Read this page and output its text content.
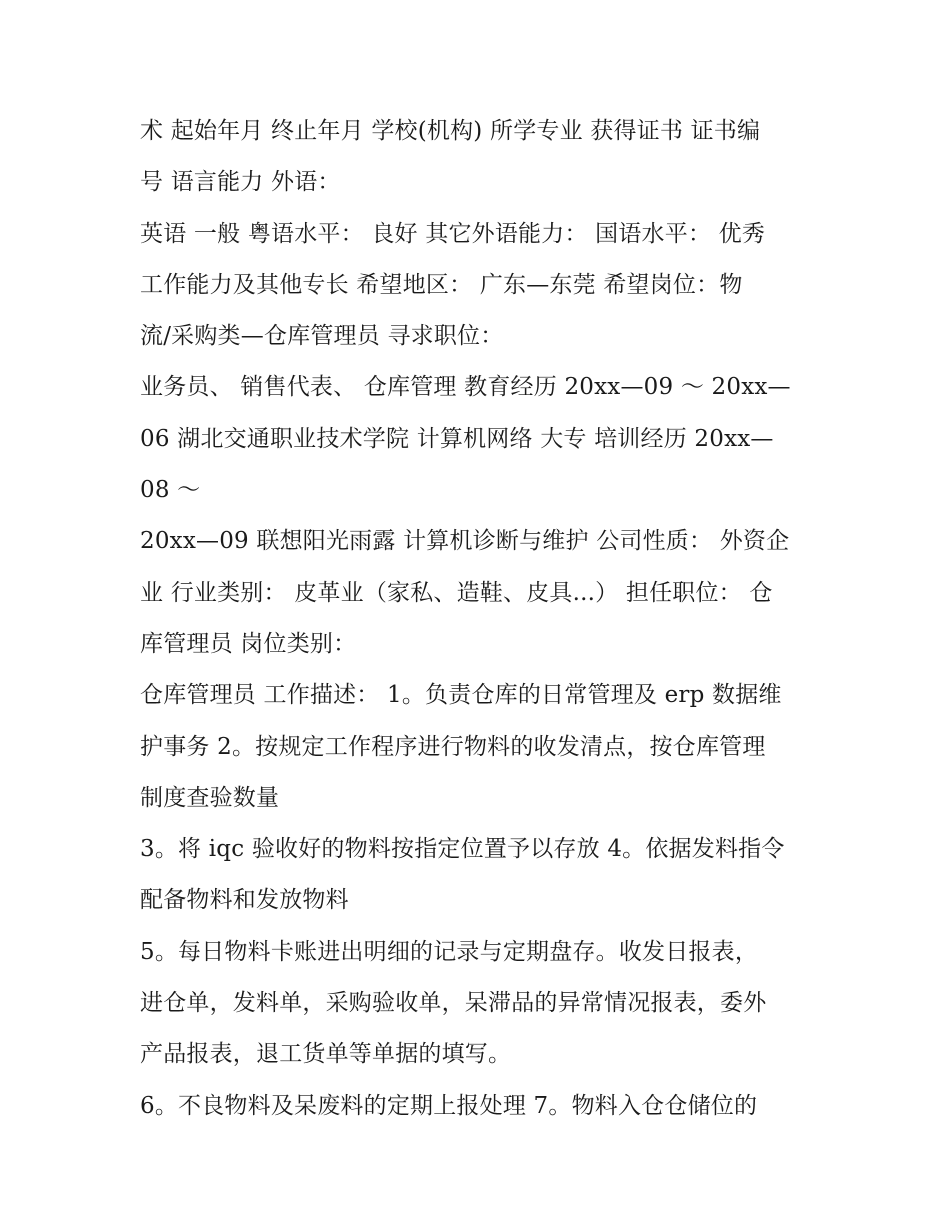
术 起始年月 终止年月 学校(机构) 所学专业 获得证书 证书编
号 语言能力 外语：
英语 一般 粤语水平： 良好 其它外语能力： 国语水平： 优秀
工作能力及其他专长 希望地区： 广东—东莞 希望岗位：物
流/采购类—仓库管理员 寻求职位：
业务员、 销售代表、 仓库管理 教育经历 20xx—09 ～ 20xx—
06 湖北交通职业技术学院 计算机网络 大专 培训经历 20xx—
08 ～
20xx—09 联想阳光雨露 计算机诊断与维护 公司性质： 外资企
业 行业类别： 皮革业（家私、造鞋、皮具...） 担任职位： 仓
库管理员 岗位类别：
仓库管理员 工作描述： 1。负责仓库的日常管理及 erp 数据维
护事务 2。按规定工作程序进行物料的收发清点，按仓库管理
制度查验数量
3。将 iqc 验收好的物料按指定位置予以存放 4。依据发料指令
配备物料和发放物料
5。每日物料卡账进出明细的记录与定期盘存。收发日报表，
进仓单，发料单，采购验收单，呆滞品的异常情况报表，委外
产品报表，退工货单等单据的填写。
6。不良物料及呆废料的定期上报处理 7。物料入仓仓储位的
